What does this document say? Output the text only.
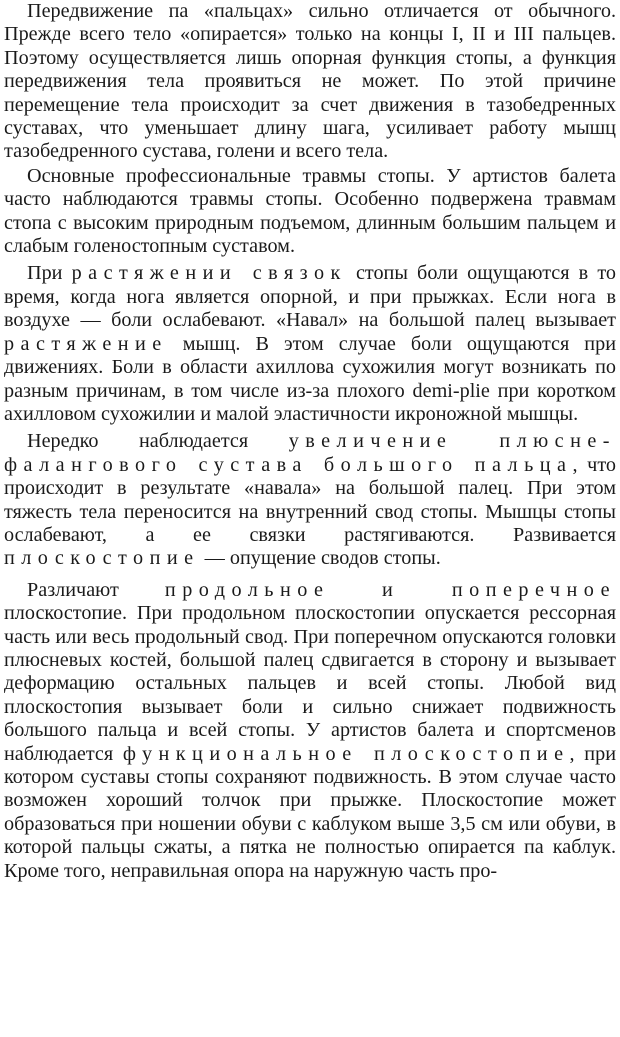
Передвижение па «пальцах» сильно отличается от обычного. Прежде всего тело «опирается» только на концы I, II и III пальцев. Поэтому осуществляется лишь опорная функция стопы, а функция передвижения тела проявиться не может. По этой причине перемещение тела происходит за счет движения в тазобедренных суставах, что уменьшает длину шага, усиливает работу мышц тазобедренного сустава, голени и всего тела.

Основные профессиональные травмы стопы. У артистов балета часто наблюдаются травмы стопы. Особенно подвержена травмам стопа с высоким природным подъемом, длинным большим пальцем и слабым голеностопным суставом.

При растяжении связок стопы боли ощущаются в то время, когда нога является опорной, и при прыжках. Если нога в воздухе — боли ослабевают. «Навал» на большой палец вызывает растяжение мышц. В этом случае боли ощущаются при движениях. Боли в области ахиллова сухожилия могут возникать по разным причинам, в том числе из-за плохого demi-plie при коротком ахилловом сухожилии и малой эластичности икроножной мышцы.

Нередко наблюдается увеличение плюсне-фалангового сустава большого пальца, что происходит в результате «навала» на большой палец. При этом тяжесть тела переносится на внутренний свод стопы. Мышцы стопы ослабевают, а ее связки растягиваются. Развивается плоскостопие — опущение сводов стопы.

Различают продольное и поперечное плоскостопие. При продольном плоскостопии опускается рессорная часть или весь продольный свод. При поперечном опускаются головки плюсневых костей, большой палец сдвигается в сторону и вызывает деформацию остальных пальцев и всей стопы. Любой вид плоскостопия вызывает боли и сильно снижает подвижность большого пальца и всей стопы. У артистов балета и спортсменов наблюдается функциональное плоскостопие, при котором суставы стопы сохраняют подвижность. В этом случае часто возможен хороший толчок при прыжке. Плоскостопие может образоваться при ношении обуви с каблуком выше 3,5 см или обуви, в которой пальцы сжаты, а пятка не полностью опирается па каблук. Кроме того, неправильная опора на наружную часть про-
